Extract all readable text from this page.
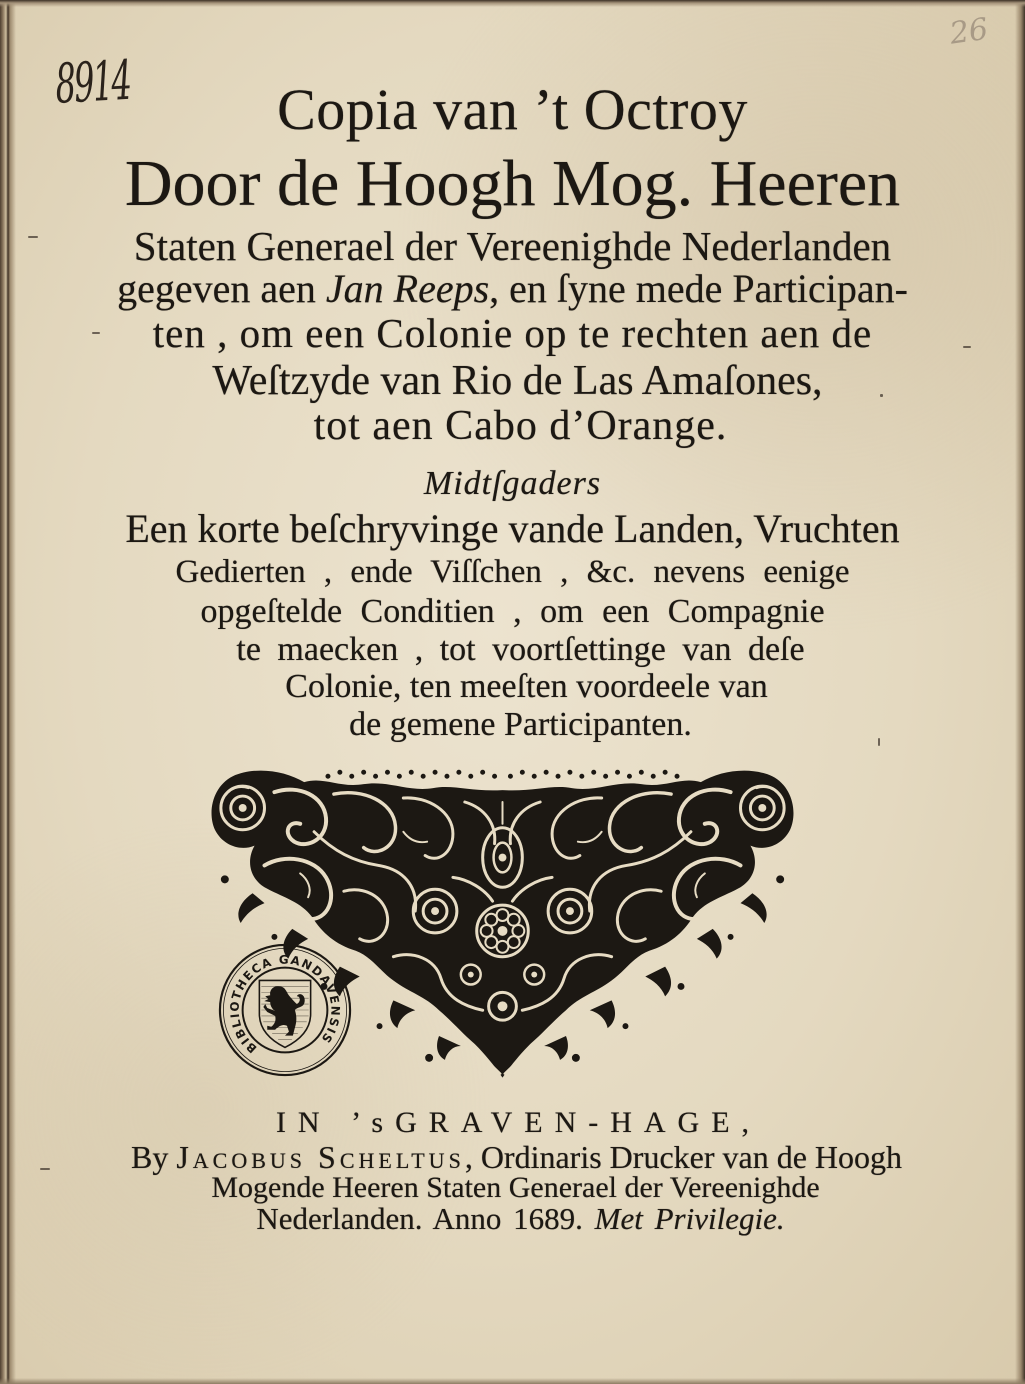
8914
26
Copia van ’t Octroy
Door de Hoogh Mog. Heeren
Staten Generael der Vereenighde Nederlanden
gegeven aen Jan Reeps, en ſyne mede Participan-
ten , om een Colonie op te rechten aen de
Weſtzyde van Rio de Las Amaſones,
tot aen Cabo d’Orange.
Midtſgaders
Een korte beſchryvinge vande Landen, Vruchten
Gedierten , ende Viſſchen , &c. nevens eenige
opgeſtelde Conditien , om een Compagnie
te maecken , tot voortſettinge van deſe
Colonie, ten meeſten voordeele van
de gemene Participanten.
BIBLIOTHECA GANDAVENSIS
IN ’sGRAVEN-HAGE,
By Jacobus Scheltus, Ordinaris Drucker van de Hoogh
Mogende Heeren Staten Generael der Vereenighde
Nederlanden. Anno 1689. Met Privilegie.
